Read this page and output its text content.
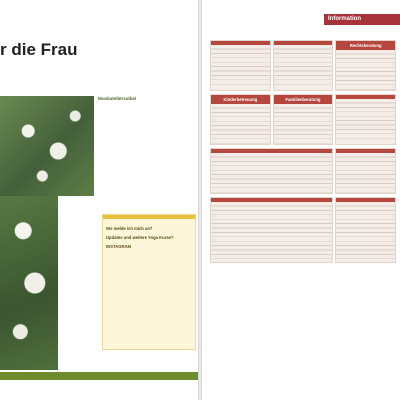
r die Frau
Muskatellersalbei
Wo melde ich mich an?
Updates und weitere Yoga Kurse?
INSTAGRAM
Information
Rechtsberatung
Kinderbetreuung	Familienberatung
